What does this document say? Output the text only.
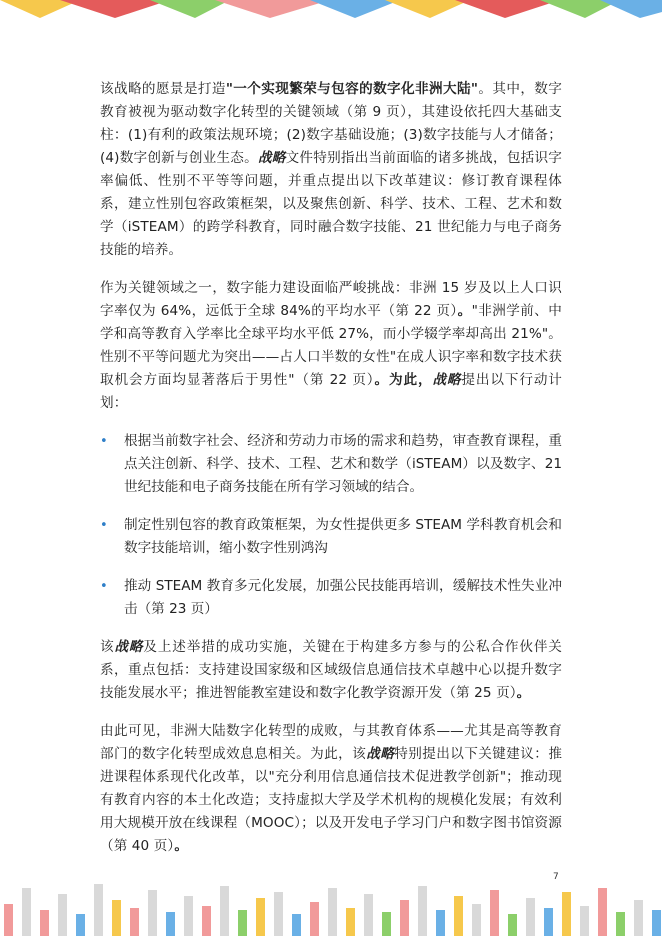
该战略的愿景是打造"一个实现繁荣与包容的数字化非洲大陆"。其中，数字教育被视为驱动数字化转型的关键领域（第 9 页），其建设依托四大基础支柱：(1)有利的政策法规环境；(2)数字基础设施；(3)数字技能与人才储备；(4)数字创新与创业生态。战略文件特别指出当前面临的诸多挑战，包括识字率偏低、性别不平等等问题，并重点提出以下改革建议：修订教育课程体系，建立性别包容政策框架，以及聚焦创新、科学、技术、工程、艺术和数学（iSTEAM）的跨学科教育，同时融合数字技能、21 世纪能力与电子商务技能的培养。

作为关键领域之一，数字能力建设面临严峻挑战：非洲 15 岁及以上人口识字率仅为 64%，远低于全球 84%的平均水平（第 22 页）。"非洲学前、中学和高等教育入学率比全球平均水平低 27%，而小学辍学率却高出 21%"。性别不平等问题尤为突出——占人口半数的女性"在成人识字率和数字技术获取机会方面均显著落后于男性"（第 22 页）。为此，战略提出以下行动计划：

• 根据当前数字社会、经济和劳动力市场的需求和趋势，审查教育课程，重点关注创新、科学、技术、工程、艺术和数学（iSTEAM）以及数字、21 世纪技能和电子商务技能在所有学习领域的结合。
• 制定性别包容的教育政策框架，为女性提供更多 STEAM 学科教育机会和数字技能培训，缩小数字性别鸿沟
• 推动 STEAM 教育多元化发展，加强公民技能再培训，缓解技术性失业冲击（第 23 页）

该战略及上述举措的成功实施，关键在于构建多方参与的公私合作伙伴关系，重点包括：支持建设国家级和区域级信息通信技术卓越中心以提升数字技能发展水平；推进智能教室建设和数字化教学资源开发（第 25 页）。

由此可见，非洲大陆数字化转型的成败，与其教育体系——尤其是高等教育部门的数字化转型成效息息相关。为此，该战略特别提出以下关键建议：推进课程体系现代化改革，以"充分利用信息通信技术促进教学创新"；推动现有教育内容的本土化改造；支持虚拟大学及学术机构的规模化发展；有效利用大规模开放在线课程（MOOC）；以及开发电子学习门户和数字图书馆资源（第 40 页）。

7
